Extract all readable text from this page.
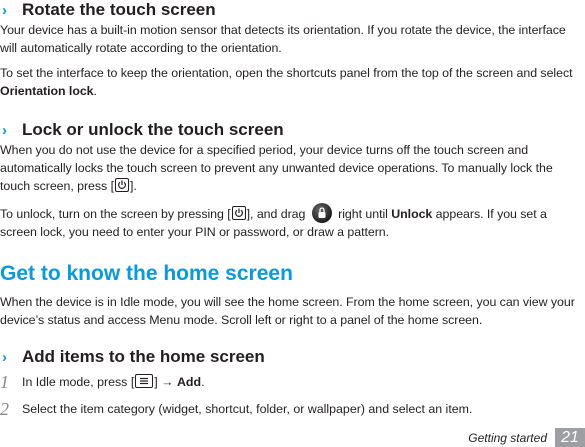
› Rotate the touch screen
Your device has a built-in motion sensor that detects its orientation. If you rotate the device, the interface will automatically rotate according to the orientation.
To set the interface to keep the orientation, open the shortcuts panel from the top of the screen and select Orientation lock.
› Lock or unlock the touch screen
When you do not use the device for a specified period, your device turns off the touch screen and automatically locks the touch screen to prevent any unwanted device operations. To manually lock the touch screen, press [ ].
To unlock, turn on the screen by pressing [ ], and drag
right until Unlock appears. If you set a screen lock, you need to enter your PIN or password, or draw a pattern.
Get to know the home screen
When the device is in Idle mode, you will see the home screen. From the home screen, you can view your device’s status and access Menu mode. Scroll left or right to a panel of the home screen.
› Add items to the home screen
1 In Idle mode, press [ ] → Add.
2 Select the item category (widget, shortcut, folder, or wallpaper) and select an item.
Getting started 21
